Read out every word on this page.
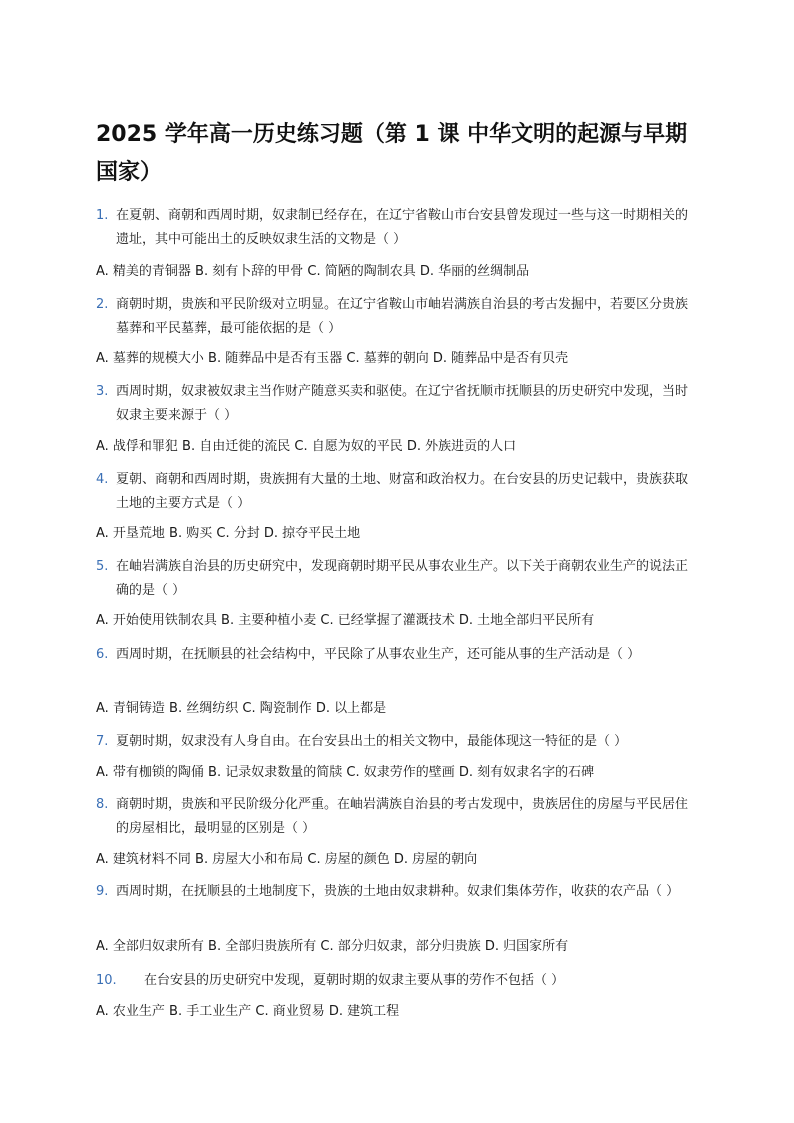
2025 学年高一历史练习题（第 1 课 中华文明的起源与早期国家）
1. 在夏朝、商朝和西周时期，奴隶制已经存在，在辽宁省鞍山市台安县曾发现过一些与这一时期相关的遗址，其中可能出土的反映奴隶生活的文物是（ ）
A. 精美的青铜器 B. 刻有卜辞的甲骨 C. 简陋的陶制农具 D. 华丽的丝绸制品
2. 商朝时期，贵族和平民阶级对立明显。在辽宁省鞍山市岫岩满族自治县的考古发掘中，若要区分贵族墓葬和平民墓葬，最可能依据的是（ ）
A. 墓葬的规模大小 B. 随葬品中是否有玉器 C. 墓葬的朝向 D. 随葬品中是否有贝壳
3. 西周时期，奴隶被奴隶主当作财产随意买卖和驱使。在辽宁省抚顺市抚顺县的历史研究中发现，当时奴隶主要来源于（ ）
A. 战俘和罪犯 B. 自由迁徙的流民 C. 自愿为奴的平民 D. 外族进贡的人口
4. 夏朝、商朝和西周时期，贵族拥有大量的土地、财富和政治权力。在台安县的历史记载中，贵族获取土地的主要方式是（ ）
A. 开垦荒地 B. 购买 C. 分封 D. 掠夺平民土地
5. 在岫岩满族自治县的历史研究中，发现商朝时期平民从事农业生产。以下关于商朝农业生产的说法正确的是（ ）
A. 开始使用铁制农具 B. 主要种植小麦 C. 已经掌握了灌溉技术 D. 土地全部归平民所有
6. 西周时期，在抚顺县的社会结构中，平民除了从事农业生产，还可能从事的生产活动是（ ）
A. 青铜铸造 B. 丝绸纺织 C. 陶瓷制作 D. 以上都是
7. 夏朝时期，奴隶没有人身自由。在台安县出土的相关文物中，最能体现这一特征的是（ ）
A. 带有枷锁的陶俑 B. 记录奴隶数量的简牍 C. 奴隶劳作的壁画 D. 刻有奴隶名字的石碑
8. 商朝时期，贵族和平民阶级分化严重。在岫岩满族自治县的考古发现中，贵族居住的房屋与平民居住的房屋相比，最明显的区别是（ ）
A. 建筑材料不同 B. 房屋大小和布局 C. 房屋的颜色 D. 房屋的朝向
9. 西周时期，在抚顺县的土地制度下，贵族的土地由奴隶耕种。奴隶们集体劳作，收获的农产品（ ）
A. 全部归奴隶所有 B. 全部归贵族所有 C. 部分归奴隶，部分归贵族 D. 归国家所有
10.	在台安县的历史研究中发现，夏朝时期的奴隶主要从事的劳作不包括（ ）
A. 农业生产 B. 手工业生产 C. 商业贸易 D. 建筑工程
